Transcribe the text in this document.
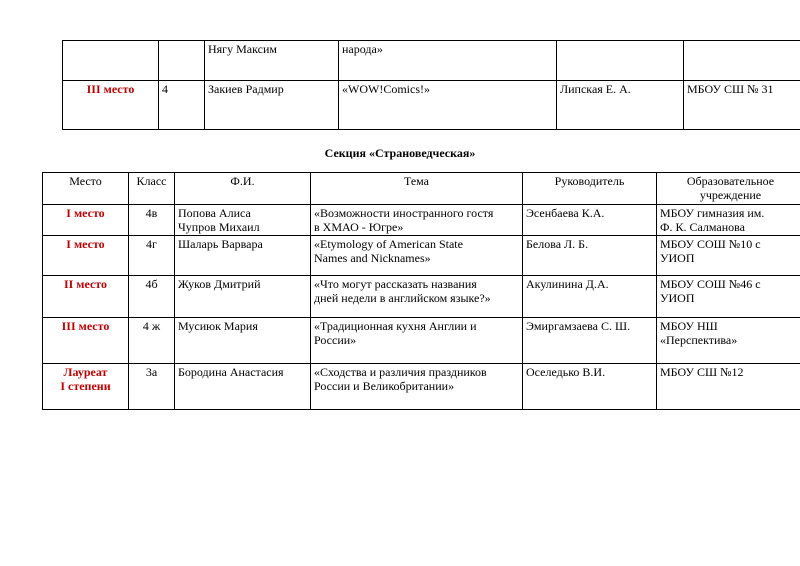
		Нягу Максим	народа»		
III место	4	Закиев Радмир	«WOW!Comics!»	Липская Е. А.	МБОУ СШ № 31
Секция «Страноведческая»
Место	Класс	Ф.И.	Тема	Руководитель	Образовательное
учреждение

I место	4в	Попова Алиса
Чупров Михаил	«Возможности иностранного гостя
в ХМАО - Югре»	Эсенбаева К.А.	МБОУ гимназия им.
Ф. К. Салманова

I место	4г	Шаларь Варвара	«Etymology of American State
Names and Nicknames»	Белова Л. Б.	МБОУ СОШ №10 с
УИОП

II место	4б	Жуков Дмитрий	«Что могут рассказать названия
дней недели в английском языке?»	Акулинина Д.А.	МБОУ СОШ №46 с
УИОП

III место	4 ж	Мусиюк Мария	«Традиционная кухня Англии и
России»	Эмиргамзаева С. Ш.	МБОУ НШ
«Перспектива»

Лауреат
I степени	3а	Бородина Анастасия	«Сходства и различия праздников
России и Великобритании»	Оселедько В.И.	МБОУ СШ №12
